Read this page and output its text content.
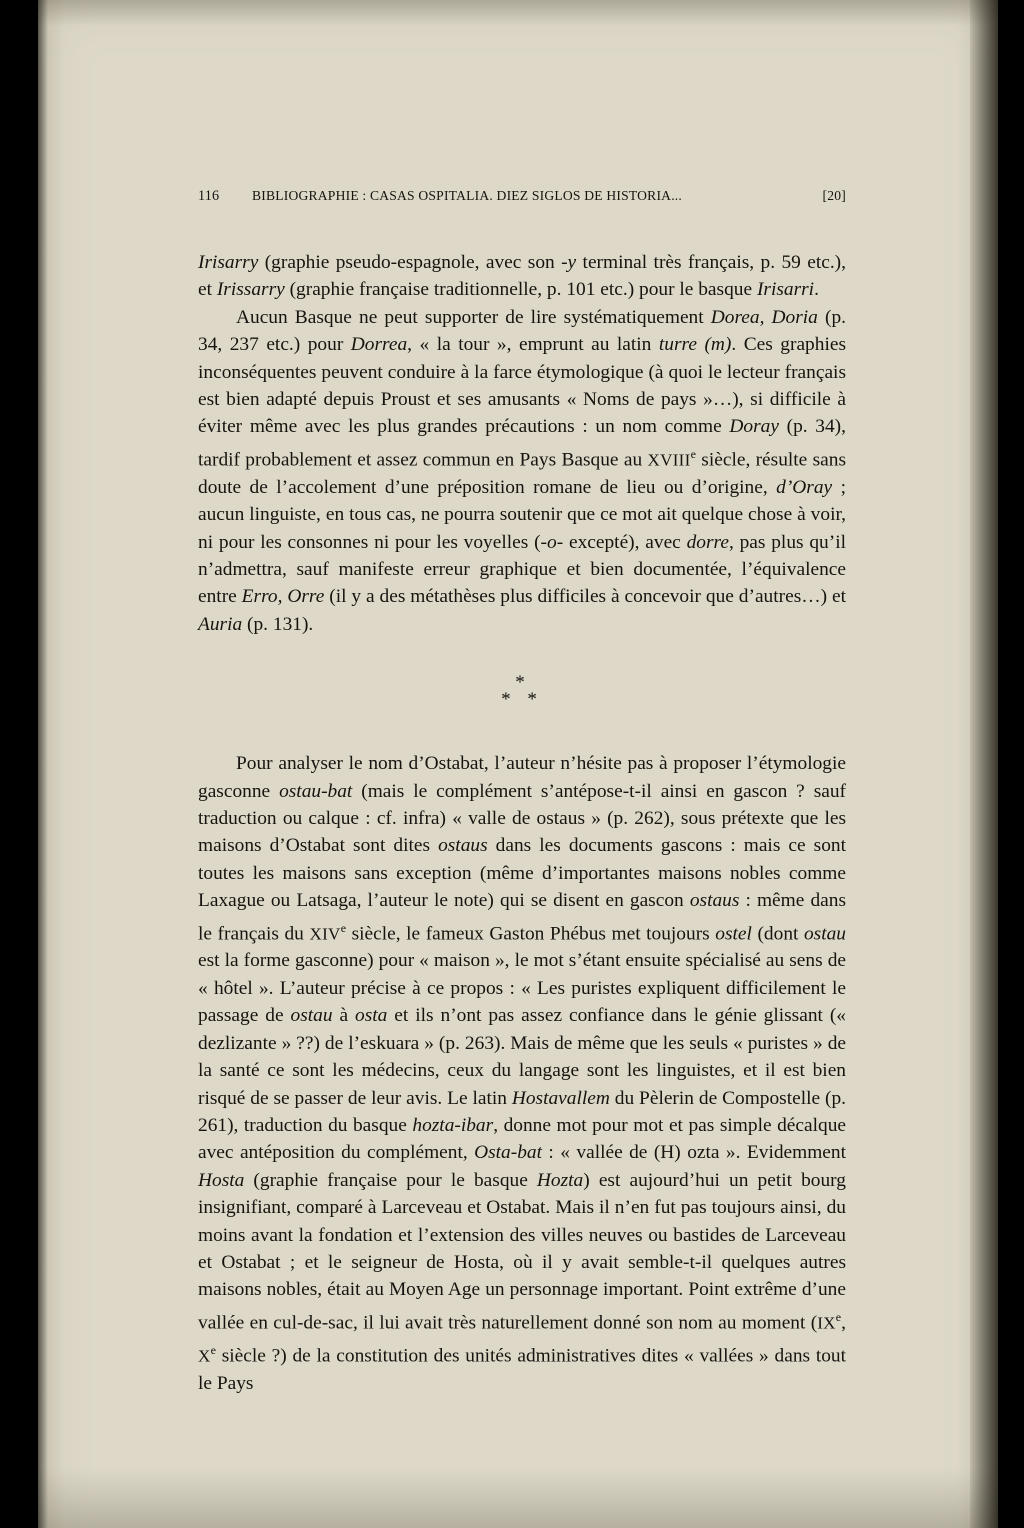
116	BIBLIOGRAPHIE : CASAS OSPITALIA. DIEZ SIGLOS DE HISTORIA...	[20]

Irisarry (graphie pseudo-espagnole, avec son -y terminal très français, p. 59 etc.), et Irissarry (graphie française traditionnelle, p. 101 etc.) pour le basque Irisarri.

Aucun Basque ne peut supporter de lire systématiquement Dorea, Doria (p. 34, 237 etc.) pour Dorrea, « la tour », emprunt au latin turre (m). Ces graphies inconséquentes peuvent conduire à la farce étymologique (à quoi le lecteur français est bien adapté depuis Proust et ses amusants « Noms de pays »…), si difficile à éviter même avec les plus grandes précautions : un nom comme Doray (p. 34), tardif probablement et assez commun en Pays Basque au XVIIIe siècle, résulte sans doute de l’accolement d’une préposition romane de lieu ou d’origine, d’Oray ; aucun linguiste, en tous cas, ne pourra soutenir que ce mot ait quelque chose à voir, ni pour les consonnes ni pour les voyelles (-o- excepté), avec dorre, pas plus qu’il n’admettra, sauf manifeste erreur graphique et bien documentée, l’équivalence entre Erro, Orre (il y a des métathèses plus difficiles à concevoir que d’autres…) et Auria (p. 131).

*
* *

Pour analyser le nom d’Ostabat, l’auteur n’hésite pas à proposer l’étymologie gasconne ostau-bat (mais le complément s’antépose-t-il ainsi en gascon ? sauf traduction ou calque : cf. infra) « valle de ostaus » (p. 262), sous prétexte que les maisons d’Ostabat sont dites ostaus dans les documents gascons : mais ce sont toutes les maisons sans exception (même d’importantes maisons nobles comme Laxague ou Latsaga, l’auteur le note) qui se disent en gascon ostaus : même dans le français du XIVe siècle, le fameux Gaston Phébus met toujours ostel (dont ostau est la forme gasconne) pour « maison », le mot s’étant ensuite spécialisé au sens de « hôtel ». L’auteur précise à ce propos : « Les puristes expliquent difficilement le passage de ostau à osta et ils n’ont pas assez confiance dans le génie glissant (« dezlizante » ??) de l’eskuara » (p. 263). Mais de même que les seuls « puristes » de la santé ce sont les médecins, ceux du langage sont les linguistes, et il est bien risqué de se passer de leur avis. Le latin Hostavallem du Pèlerin de Compostelle (p. 261), traduction du basque hozta-ibar, donne mot pour mot et pas simple décalque avec antéposition du complément, Osta-bat : « vallée de (H) ozta ». Evidemment Hosta (graphie française pour le basque Hozta) est aujourd’hui un petit bourg insignifiant, comparé à Larceveau et Ostabat. Mais il n’en fut pas toujours ainsi, du moins avant la fondation et l’extension des villes neuves ou bastides de Larceveau et Ostabat ; et le seigneur de Hosta, où il y avait semble-t-il quelques autres maisons nobles, était au Moyen Age un personnage important. Point extrême d’une vallée en cul-de-sac, il lui avait très naturellement donné son nom au moment (IXe, Xe siècle ?) de la constitution des unités administratives dites « vallées » dans tout le Pays
